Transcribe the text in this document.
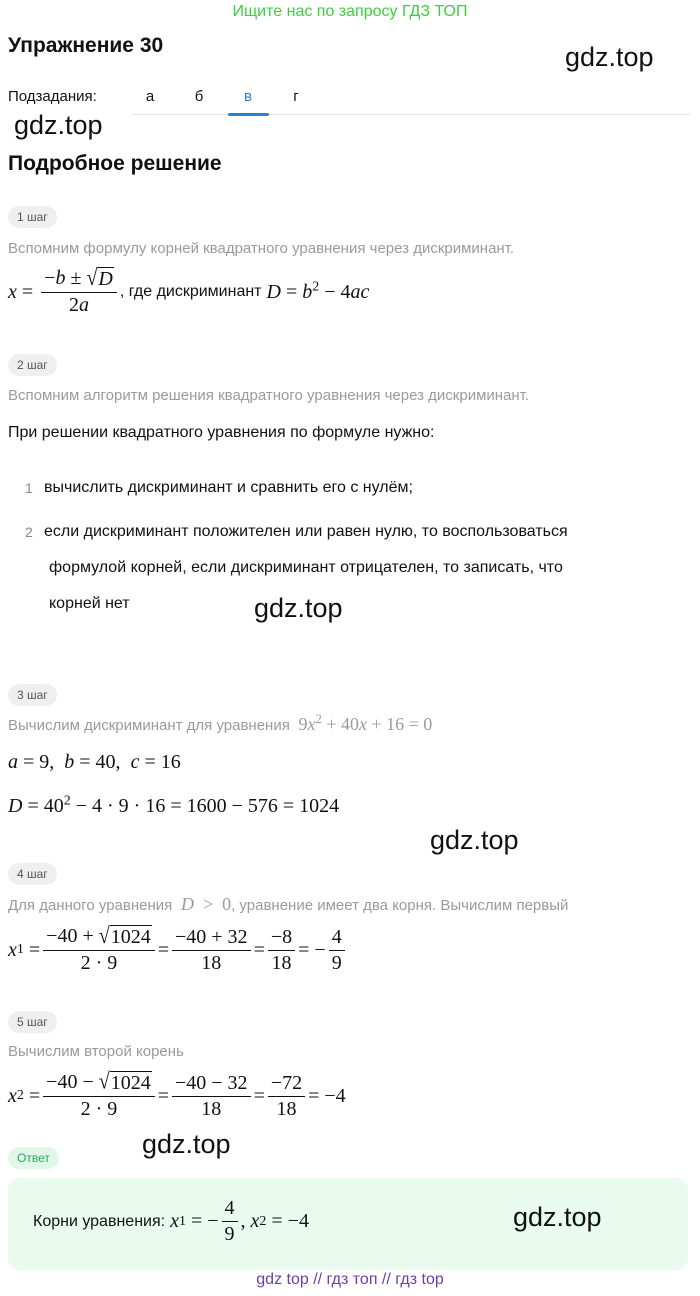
Ищите нас по запросу ГДЗ ТОП
Упражнение 30	gdz.top
Подзадания:	а	б	в	г
gdz.top
Подробное решение
1 шаг
Вспомним формулу корней квадратного уравнения через дискриминант.
$x = \frac{-b \pm √ D}{2a}$ , где дискриминант $D = b^2 - 4ac$
2 шаг
Вспомним алгоритм решения квадратного уравнения через дискриминант.
При решении квадратного уравнения по формуле нужно:
1 вычислить дискриминант и сравнить его с нулём;
2 если дискриминант положителен или равен нулю, то воспользоваться
формулой корней, если дискриминант отрицателен, то записать, что
корней нет	gdz.top
3 шаг
Вычислим дискриминант для уравнения  $9x^2 + 40x + 16 = 0$
a = 9,  b = 40,  c = 16
$D = 40^2 - 4 \cdot 9 \cdot 16 = 1600 - 576 = 1024$
gdz.top
4 шаг
Для данного уравнения D  >  0, уравнение имеет два корня. Вычислим первый
x $1 = \frac{-40 + √ 1024}{2 \cdot 9} = \frac{-40 + 32}{18} = \frac{-8}{18}$ = − $\frac{4}{9}$
5 шаг
Вычислим второй корень
x $2 = \frac{-40 - √ 1024}{2 \cdot 9} = \frac{-40 - 32}{18} = \frac{-72}{18} = -4$
gdz.top
Ответ
Корни уравнения:
x 1 = − $\frac{4}{9}$ , x 2 = −4	gdz.top
gdz top // гдз топ // гдз top
